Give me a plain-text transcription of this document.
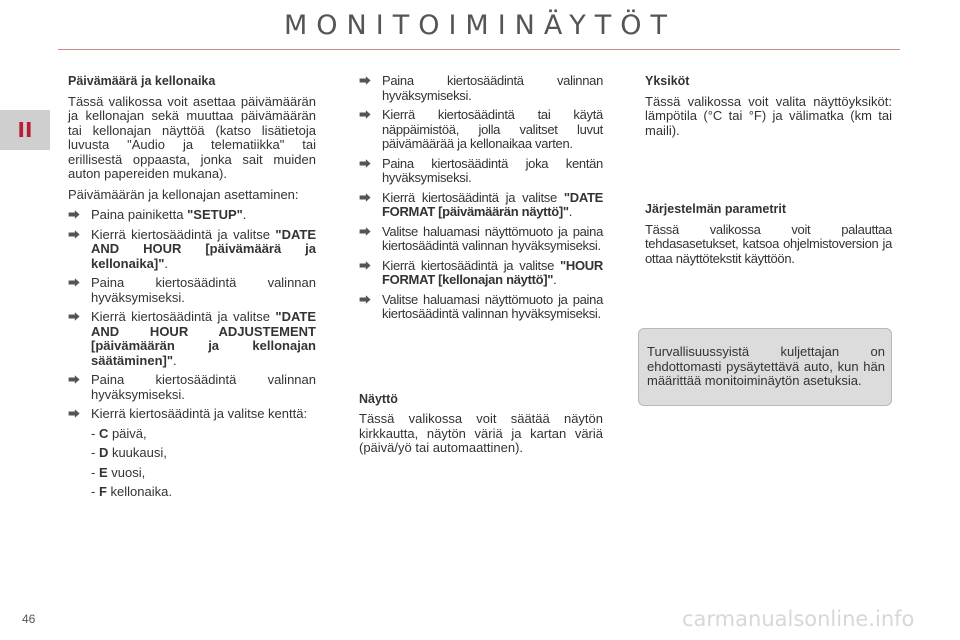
MONITOIMINÄYTÖT
II
Päivämäärä ja kellonaika

Tässä valikossa voit asettaa päivämäärän ja kellonajan sekä muuttaa päivämäärän tai kellonajan näyttöä (katso lisätietoja luvusta "Audio ja telematiikka" tai erillisestä oppaasta, jonka sait muiden auton papereiden mukana).

Päivämäärän ja kellonajan asettaminen:

⮕ Paina painiketta "SETUP".
⮕ Kierrä kiertosäädintä ja valitse "DATE AND HOUR [päivämäärä ja kellonaika]".
⮕ Paina kiertosäädintä valinnan hyväksymiseksi.
⮕ Kierrä kiertosäädintä ja valitse "DATE AND HOUR ADJUSTEMENT [päivämäärän ja kellonajan säätäminen]".
⮕ Paina kiertosäädintä valinnan hyväksymiseksi.
⮕ Kierrä kiertosäädintä ja valitse kenttä:
- C päivä,
- D kuukausi,
- E vuosi,
- F kellonaika.
⮕ Paina kiertosäädintä valinnan hyväksymiseksi.
⮕ Kierrä kiertosäädintä tai käytä näppäimistöä, jolla valitset luvut päivämäärää ja kellonaikaa varten.
⮕ Paina kiertosäädintä joka kentän hyväksymiseksi.
⮕ Kierrä kiertosäädintä ja valitse "DATE FORMAT [päivämäärän näyttö]".
⮕ Valitse haluamasi näyttömuoto ja paina kiertosäädintä valinnan hyväksymiseksi.
⮕ Kierrä kiertosäädintä ja valitse "HOUR FORMAT [kellonajan näyttö]".
⮕ Valitse haluamasi näyttömuoto ja paina kiertosäädintä valinnan hyväksymiseksi.
Näyttö

Tässä valikossa voit säätää näytön kirkkautta, näytön väriä ja kartan väriä (päivä/yö tai automaattinen).

Yksiköt

Tässä valikossa voit valita näyttöyksiköt: lämpötila (°C tai °F) ja välimatka (km tai maili).

Järjestelmän parametrit

Tässä valikossa voit palauttaa tehdasasetukset, katsoa ohjelmistoversion ja ottaa näyttötekstit käyttöön.

Turvallisuussyistä kuljettajan on ehdottomasti pysäytettävä auto, kun hän määrittää monitoiminäytön asetuksia.
46	carmanualsonline.info
